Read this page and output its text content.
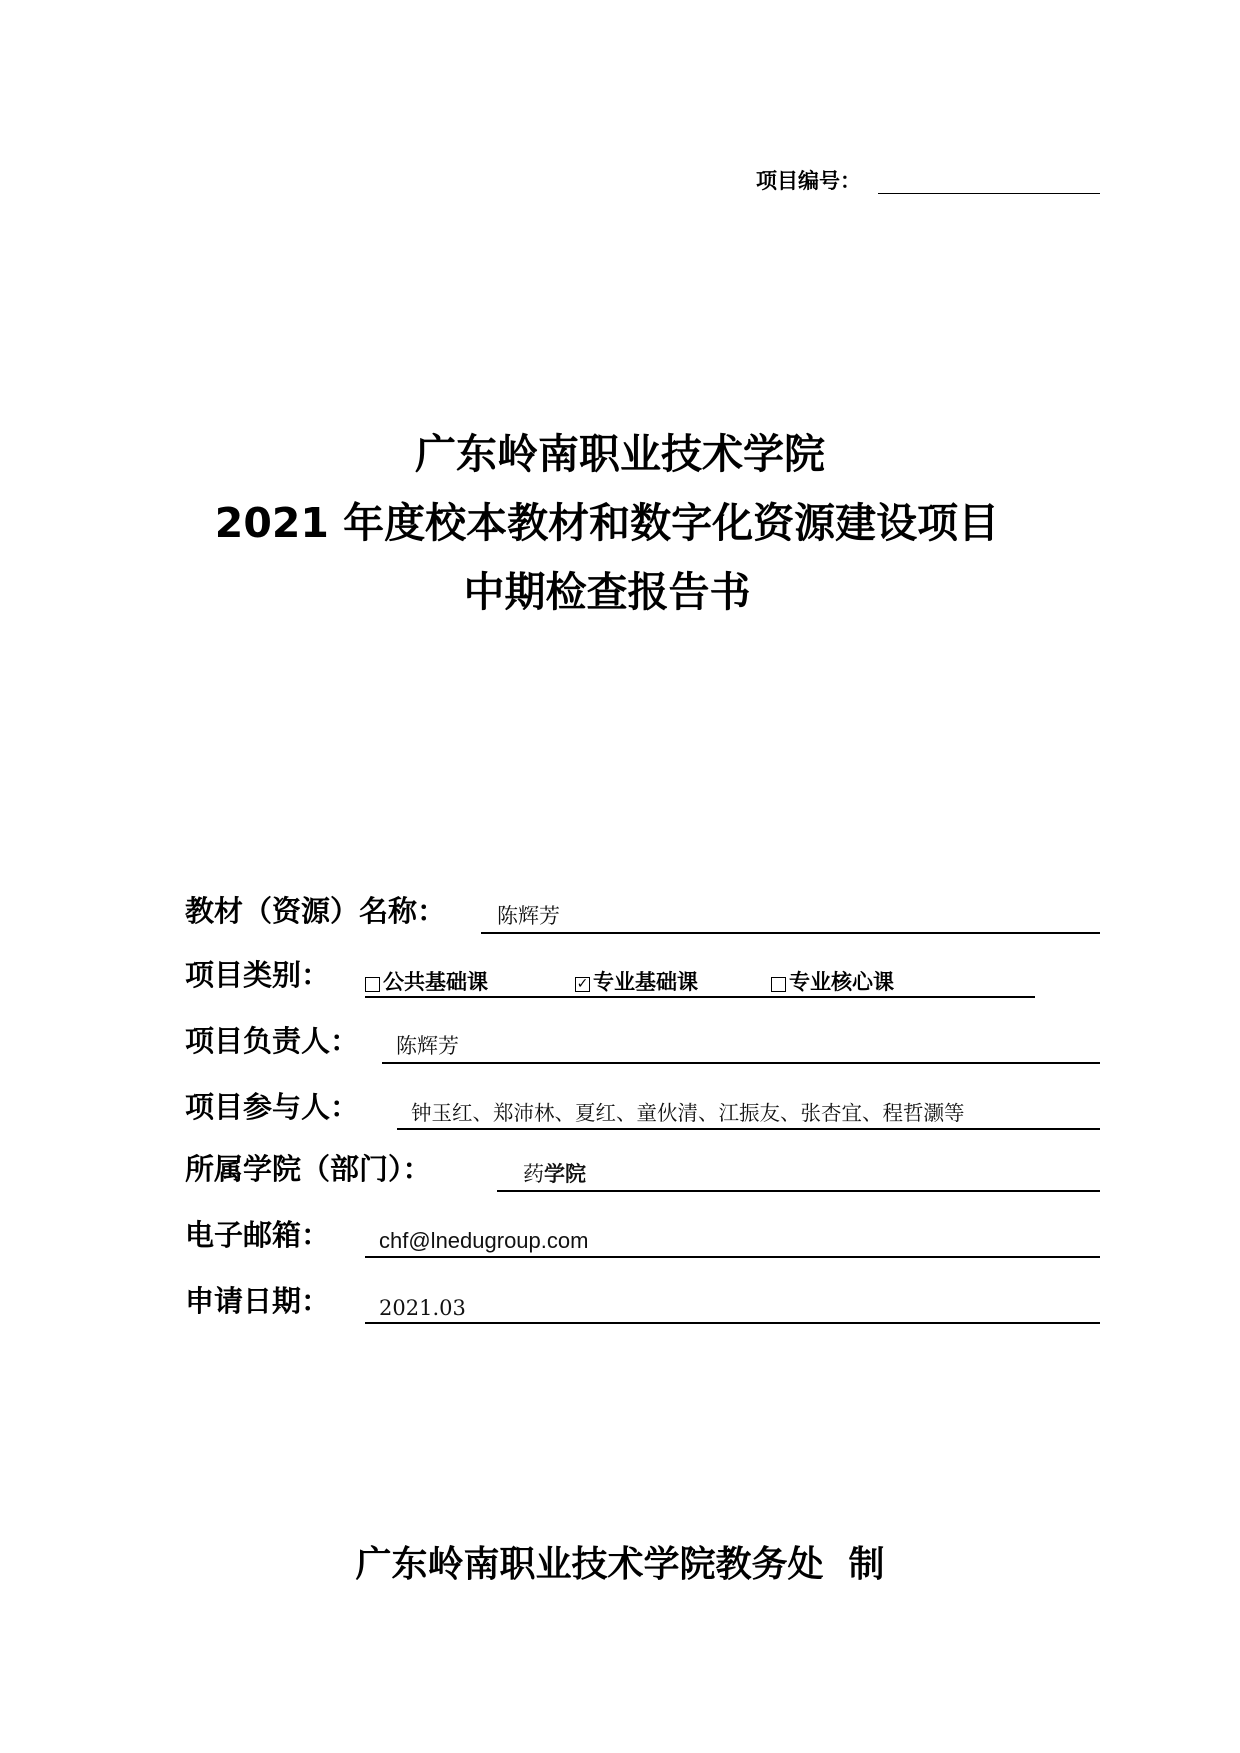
项目编号：
广东岭南职业技术学院
2021 年度校本教材和数字化资源建设项目
中期检查报告书
教材（资源）名称： 陈辉芳
项目类别：	公共基础课	✓ 专业基础课	专业核心课
项目负责人： 陈辉芳
项目参与人：	钟玉红、郑沛林、夏红、童伙清、江振友、张杏宜、程哲灏等
所属学院（部门）：	药学院
电子邮箱： chf@lnedugroup.com
申请日期： 2021.03
广东岭南职业技术学院教务处  制
